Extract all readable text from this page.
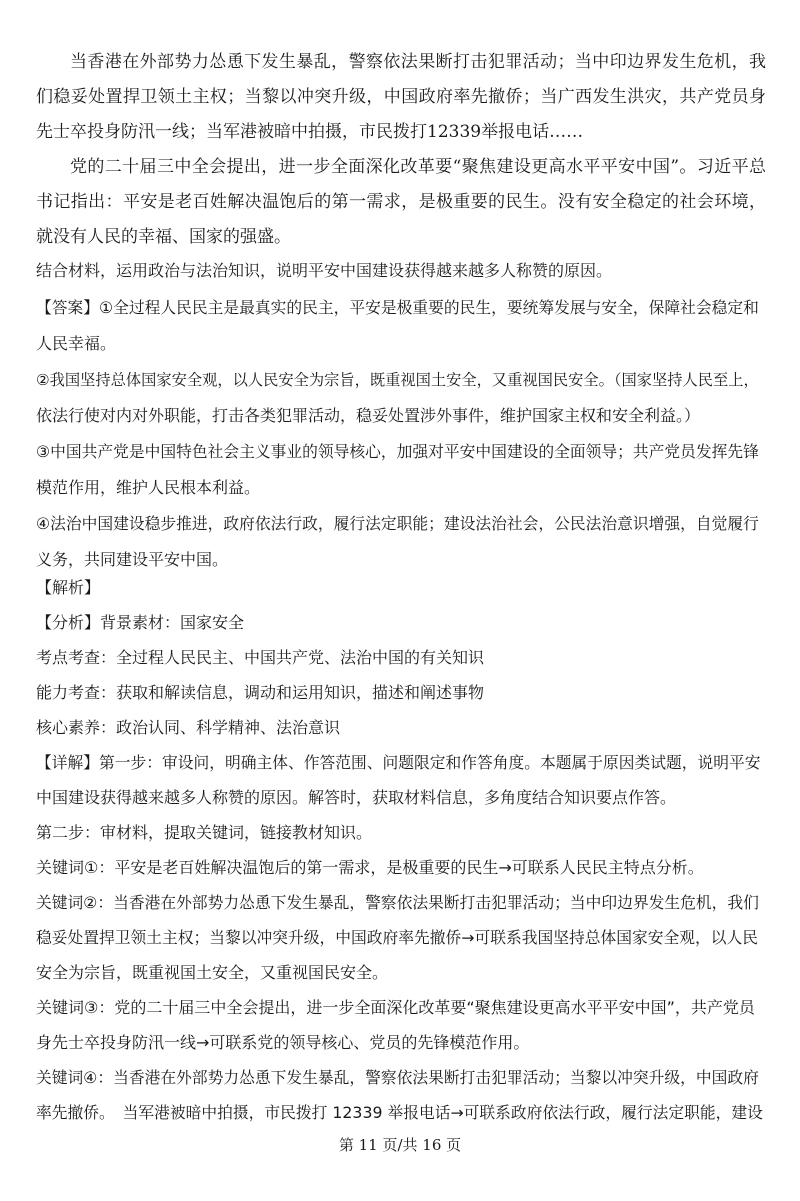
当香港在外部势力怂恿下发生暴乱，警察依法果断打击犯罪活动；当中印边界发生危机，我们稳妥处置捍卫领土主权；当黎以冲突升级，中国政府率先撤侨；当广西发生洪灾，共产党员身先士卒投身防汛一线；当军港被暗中拍摄，市民拨打12339举报电话……
党的二十届三中全会提出，进一步全面深化改革要“聚焦建设更高水平平安中国”。习近平总书记指出：平安是老百姓解决温饱后的第一需求，是极重要的民生。没有安全稳定的社会环境，就没有人民的幸福、国家的强盛。
结合材料，运用政治与法治知识，说明平安中国建设获得越来越多人称赞的原因。
【答案】①全过程人民民主是最真实的民主，平安是极重要的民生，要统筹发展与安全，保障社会稳定和
人民幸福。
②我国坚持总体国家安全观，以人民安全为宗旨，既重视国土安全，又重视国民安全。（国家坚持人民至上，
依法行使对内对外职能，打击各类犯罪活动，稳妥处置涉外事件，维护国家主权和安全利益。）
③中国共产党是中国特色社会主义事业的领导核心，加强对平安中国建设的全面领导；共产党员发挥先锋
模范作用，维护人民根本利益。
④法治中国建设稳步推进，政府依法行政，履行法定职能；建设法治社会，公民法治意识增强，自觉履行
义务，共同建设平安中国。
【解析】
【分析】背景素材：国家安全
考点考查：全过程人民民主、中国共产党、法治中国的有关知识
能力考查：获取和解读信息，调动和运用知识，描述和阐述事物
核心素养：政治认同、科学精神、法治意识
【详解】第一步：审设问，明确主体、作答范围、问题限定和作答角度。本题属于原因类试题，说明平安
中国建设获得越来越多人称赞的原因。解答时，获取材料信息，多角度结合知识要点作答。
第二步：审材料，提取关键词，链接教材知识。
关键词①：平安是老百姓解决温饱后的第一需求，是极重要的民生→可联系人民民主特点分析。
关键词②：当香港在外部势力怂恿下发生暴乱，警察依法果断打击犯罪活动；当中印边界发生危机，我们
稳妥处置捍卫领土主权；当黎以冲突升级，中国政府率先撤侨→可联系我国坚持总体国家安全观，以人民
安全为宗旨，既重视国土安全，又重视国民安全。
关键词③：党的二十届三中全会提出，进一步全面深化改革要“聚焦建设更高水平平安中国”，共产党员
身先士卒投身防汛一线→可联系党的领导核心、党员的先锋模范作用。
关键词④：当香港在外部势力怂恿下发生暴乱，警察依法果断打击犯罪活动；当黎以冲突升级，中国政府
率先撤侨。　当军港被暗中拍摄，市民拨打 12339 举报电话→可联系政府依法行政，履行法定职能，建设
第 11 页/共 16 页
